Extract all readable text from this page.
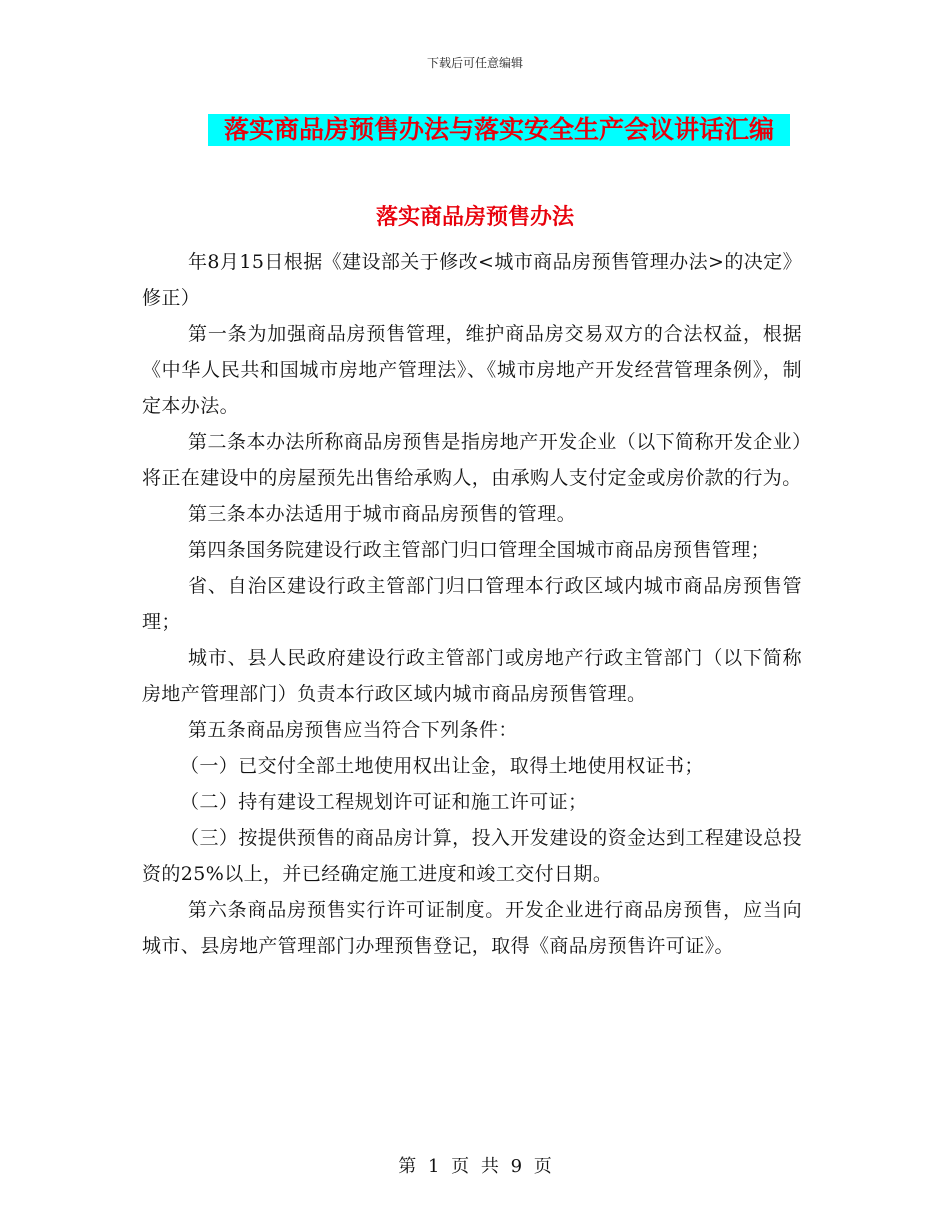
下载后可任意编辑
落实商品房预售办法与落实安全生产会议讲话汇编
落实商品房预售办法

年8月15日根据《建设部关于修改<城市商品房预售管理办法>的决定》修正）

第一条为加强商品房预售管理，维护商品房交易双方的合法权益，根据《中华人民共和国城市房地产管理法》、《城市房地产开发经营管理条例》，制定本办法。

第二条本办法所称商品房预售是指房地产开发企业（以下简称开发企业）将正在建设中的房屋预先出售给承购人，由承购人支付定金或房价款的行为。

第三条本办法适用于城市商品房预售的管理。

第四条国务院建设行政主管部门归口管理全国城市商品房预售管理；

省、自治区建设行政主管部门归口管理本行政区域内城市商品房预售管理；

城市、县人民政府建设行政主管部门或房地产行政主管部门（以下简称房地产管理部门）负责本行政区域内城市商品房预售管理。

第五条商品房预售应当符合下列条件：

（一）已交付全部土地使用权出让金，取得土地使用权证书；

（二）持有建设工程规划许可证和施工许可证；

（三）按提供预售的商品房计算，投入开发建设的资金达到工程建设总投资的25%以上，并已经确定施工进度和竣工交付日期。

第六条商品房预售实行许可证制度。开发企业进行商品房预售，应当向城市、县房地产管理部门办理预售登记，取得《商品房预售许可证》。

第 1 页 共 9 页
